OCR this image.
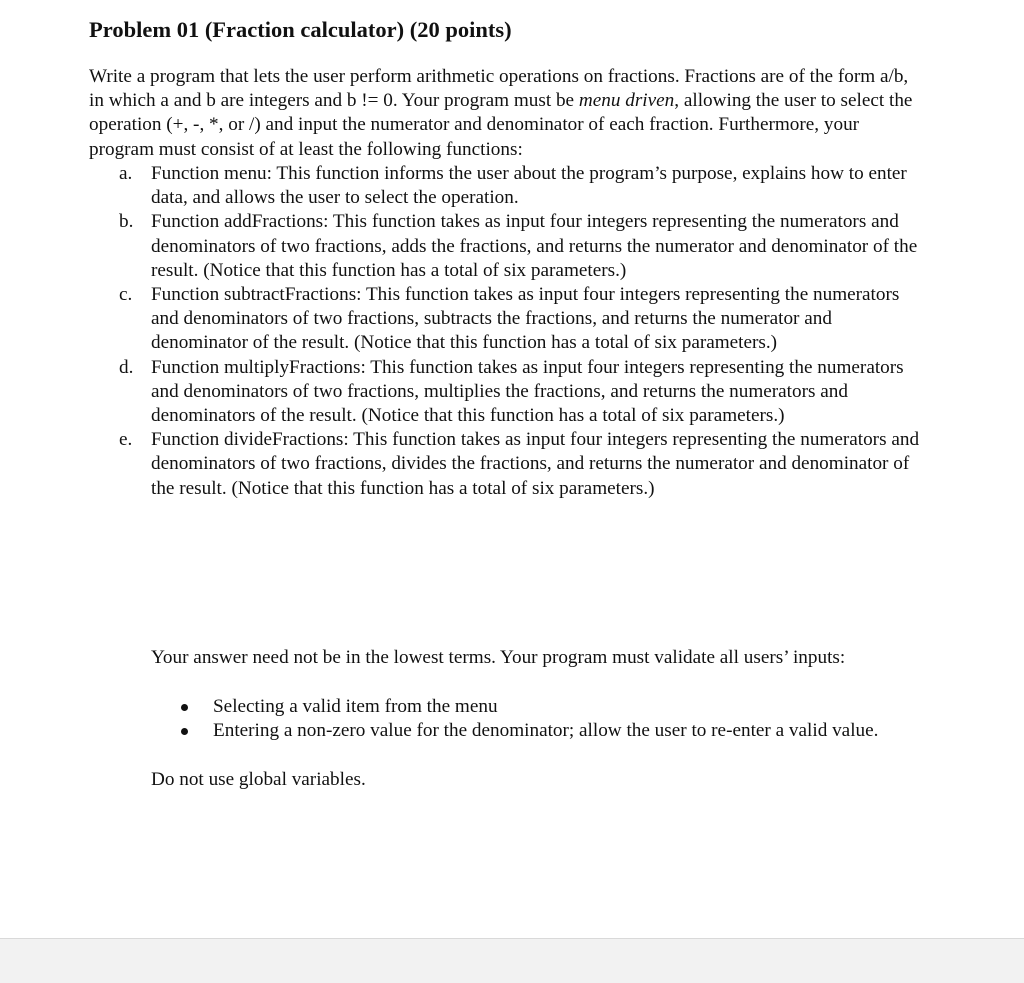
Problem 01 (Fraction calculator) (20 points)

Write a program that lets the user perform arithmetic operations on fractions. Fractions are of the form a/b, in which a and b are integers and b != 0. Your program must be menu driven, allowing the user to select the operation (+, -, *, or /) and input the numerator and denominator of each fraction. Furthermore, your program must consist of at least the following functions:

a. Function menu: This function informs the user about the program’s purpose, explains how to enter data, and allows the user to select the operation.
b. Function addFractions: This function takes as input four integers representing the numerators and denominators of two fractions, adds the fractions, and returns the numerator and denominator of the result. (Notice that this function has a total of six parameters.)
c. Function subtractFractions: This function takes as input four integers representing the numerators and denominators of two fractions, subtracts the fractions, and returns the numerator and denominator of the result. (Notice that this function has a total of six parameters.)
d. Function multiplyFractions: This function takes as input four integers representing the numerators and denominators of two fractions, multiplies the fractions, and returns the numerators and denominators of the result. (Notice that this function has a total of six parameters.)
e. Function divideFractions: This function takes as input four integers representing the numerators and denominators of two fractions, divides the fractions, and returns the numerator and denominator of the result. (Notice that this function has a total of six parameters.)

Your answer need not be in the lowest terms. Your program must validate all users’ inputs:

Selecting a valid item from the menu
Entering a non-zero value for the denominator; allow the user to re-enter a valid value.

Do not use global variables.
